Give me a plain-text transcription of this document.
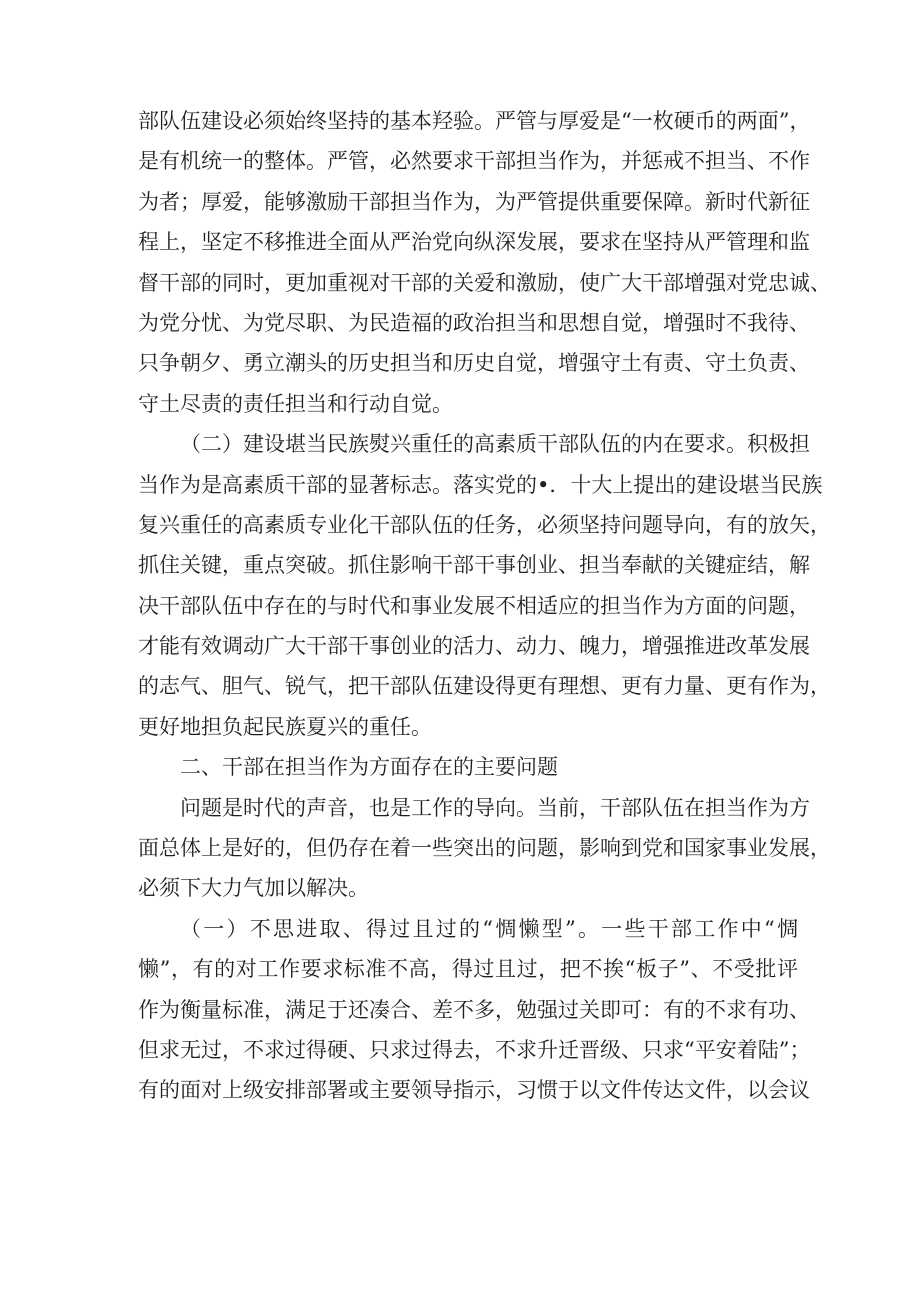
部队伍建设必须始终坚持的基本羟验。严管与厚爱是“一枚硬币的两面”，
是有机统一的整体。严管，必然要求干部担当作为，并惩戒不担当、不作
为者；厚爱，能够激励干部担当作为，为严管提供重要保障。新时代新征
程上，坚定不移推进全面从严治党向纵深发展，要求在坚持从严管理和监
督干部的同时，更加重视对干部的关爱和激励，使广大干部增强对党忠诚、
为党分忧、为党尽职、为民造福的政治担当和思想自觉，增强时不我待、
只争朝夕、勇立潮头的历史担当和历史自觉，增强守土有责、守土负责、
守土尽责的责任担当和行动自觉。
（二）建设堪当民族熨兴重任的高素质干部队伍的内在要求。积极担
当作为是高素质干部的显著标志。落实党的•．十大上提出的建设堪当民族
复兴重任的高素质专业化干部队伍的任务，必须坚持问题导向，有的放矢，
抓住关键，重点突破。抓住影响干部干事创业、担当奉献的关键症结，解
决干部队伍中存在的与时代和事业发展不相适应的担当作为方面的问题，
才能有效调动广大干部干事创业的活力、动力、魄力，增强推进改革发展
的志气、胆气、锐气，把干部队伍建设得更有理想、更有力量、更有作为，
更好地担负起民族夏兴的重任。
二、干部在担当作为方面存在的主要问题
问题是时代的声音，也是工作的导向。当前，干部队伍在担当作为方
面总体上是好的，但仍存在着一些突出的问题，影响到党和国家事业发展，
必须下大力气加以解决。
（一）不思进取、得过且过的“惆懒型”。一些干部工作中“惆
懒”，有的对工作要求标准不高，得过且过，把不挨“板子”、不受批评
作为衡量标准，满足于还凑合、差不多，勉强过关即可：有的不求有功、
但求无过，不求过得硬、只求过得去，不求升迁晋级、只求“平安着陆”；
有的面对上级安排部署或主要领导指示，习惯于以文件传达文件，以会议
